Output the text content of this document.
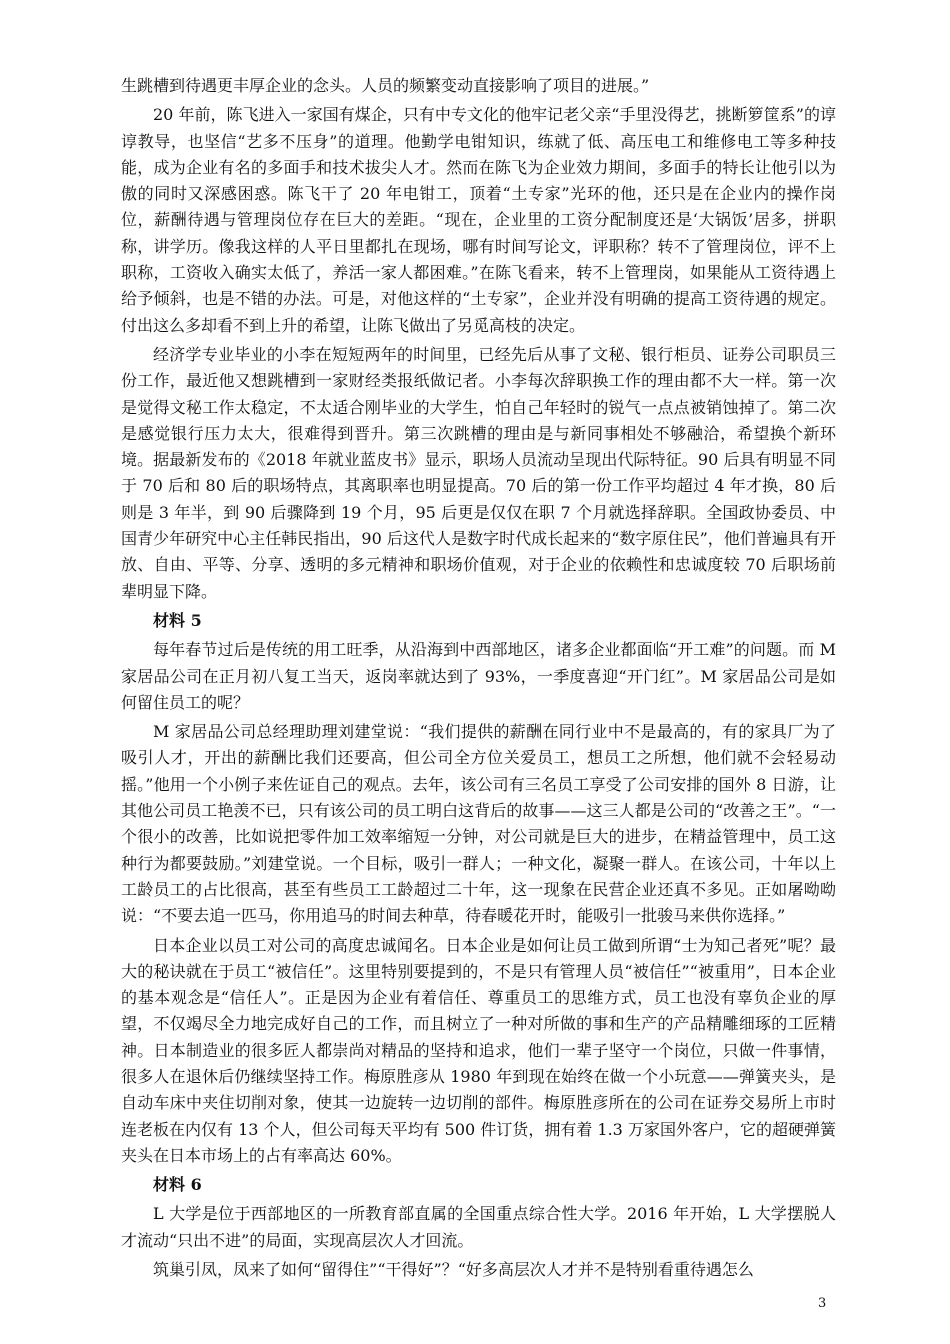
生跳槽到待遇更丰厚企业的念头。人员的频繁变动直接影响了项目的进展。”

20 年前，陈飞进入一家国有煤企，只有中专文化的他牢记老父亲“手里没得艺，挑断箩筐系”的谆谆教导，也坚信“艺多不压身”的道理。他勤学电钳知识，练就了低、高压电工和维修电工等多种技能，成为企业有名的多面手和技术拔尖人才。然而在陈飞为企业效力期间，多面手的特长让他引以为傲的同时又深感困惑。陈飞干了 20 年电钳工，顶着“土专家”光环的他，还只是在企业内的操作岗位，薪酬待遇与管理岗位存在巨大的差距。“现在，企业里的工资分配制度还是‘大锅饭’居多，拼职称，讲学历。像我这样的人平日里都扎在现场，哪有时间写论文，评职称？转不了管理岗位，评不上职称，工资收入确实太低了，养活一家人都困难。”在陈飞看来，转不上管理岗，如果能从工资待遇上给予倾斜，也是不错的办法。可是，对他这样的“土专家”，企业并没有明确的提高工资待遇的规定。付出这么多却看不到上升的希望，让陈飞做出了另觅高枝的决定。

经济学专业毕业的小李在短短两年的时间里，已经先后从事了文秘、银行柜员、证券公司职员三份工作，最近他又想跳槽到一家财经类报纸做记者。小李每次辞职换工作的理由都不大一样。第一次是觉得文秘工作太稳定，不太适合刚毕业的大学生，怕自己年轻时的锐气一点点被销蚀掉了。第二次是感觉银行压力太大，很难得到晋升。第三次跳槽的理由是与新同事相处不够融洽，希望换个新环境。据最新发布的《2018 年就业蓝皮书》显示，职场人员流动呈现出代际特征。90 后具有明显不同于 70 后和 80 后的职场特点，其离职率也明显提高。70 后的第一份工作平均超过 4 年才换，80 后则是 3 年半，到 90 后骤降到 19 个月，95 后更是仅仅在职 7 个月就选择辞职。全国政协委员、中国青少年研究中心主任韩民指出，90 后这代人是数字时代成长起来的“数字原住民”，他们普遍具有开放、自由、平等、分享、透明的多元精神和职场价值观，对于企业的依赖性和忠诚度较 70 后职场前辈明显下降。

材料 5

每年春节过后是传统的用工旺季，从沿海到中西部地区，诸多企业都面临“开工难”的问题。而 M 家居品公司在正月初八复工当天，返岗率就达到了 93%，一季度喜迎“开门红”。M 家居品公司是如何留住员工的呢？

M 家居品公司总经理助理刘建堂说：“我们提供的薪酬在同行业中不是最高的，有的家具厂为了吸引人才，开出的薪酬比我们还要高，但公司全方位关爱员工，想员工之所想，他们就不会轻易动摇。”他用一个小例子来佐证自己的观点。去年，该公司有三名员工享受了公司安排的国外 8 日游，让其他公司员工艳羡不已，只有该公司的员工明白这背后的故事——这三人都是公司的“改善之王”。“一个很小的改善，比如说把零件加工效率缩短一分钟，对公司就是巨大的进步，在精益管理中，员工这种行为都要鼓励。”刘建堂说。一个目标，吸引一群人；一种文化，凝聚一群人。在该公司，十年以上工龄员工的占比很高，甚至有些员工工龄超过二十年，这一现象在民营企业还真不多见。正如屠呦呦说：“不要去追一匹马，你用追马的时间去种草，待春暖花开时，能吸引一批骏马来供你选择。”

日本企业以员工对公司的高度忠诚闻名。日本企业是如何让员工做到所谓“士为知己者死”呢？最大的秘诀就在于员工“被信任”。这里特别要提到的，不是只有管理人员“被信任”“被重用”，日本企业的基本观念是“信任人”。正是因为企业有着信任、尊重员工的思维方式，员工也没有辜负企业的厚望，不仅竭尽全力地完成好自己的工作，而且树立了一种对所做的事和生产的产品精雕细琢的工匠精神。日本制造业的很多匠人都崇尚对精品的坚持和追求，他们一辈子坚守一个岗位，只做一件事情，很多人在退休后仍继续坚持工作。梅原胜彦从 1980 年到现在始终在做一个小玩意——弹簧夹头，是自动车床中夹住切削对象，使其一边旋转一边切削的部件。梅原胜彦所在的公司在证券交易所上市时连老板在内仅有 13 个人，但公司每天平均有 500 件订货，拥有着 1.3 万家国外客户，它的超硬弹簧夹头在日本市场上的占有率高达 60%。

材料 6

L 大学是位于西部地区的一所教育部直属的全国重点综合性大学。2016 年开始，L 大学摆脱人才流动“只出不进”的局面，实现高层次人才回流。

筑巢引凤，凤来了如何“留得住”“干得好”？“好多高层次人才并不是特别看重待遇怎么

3
